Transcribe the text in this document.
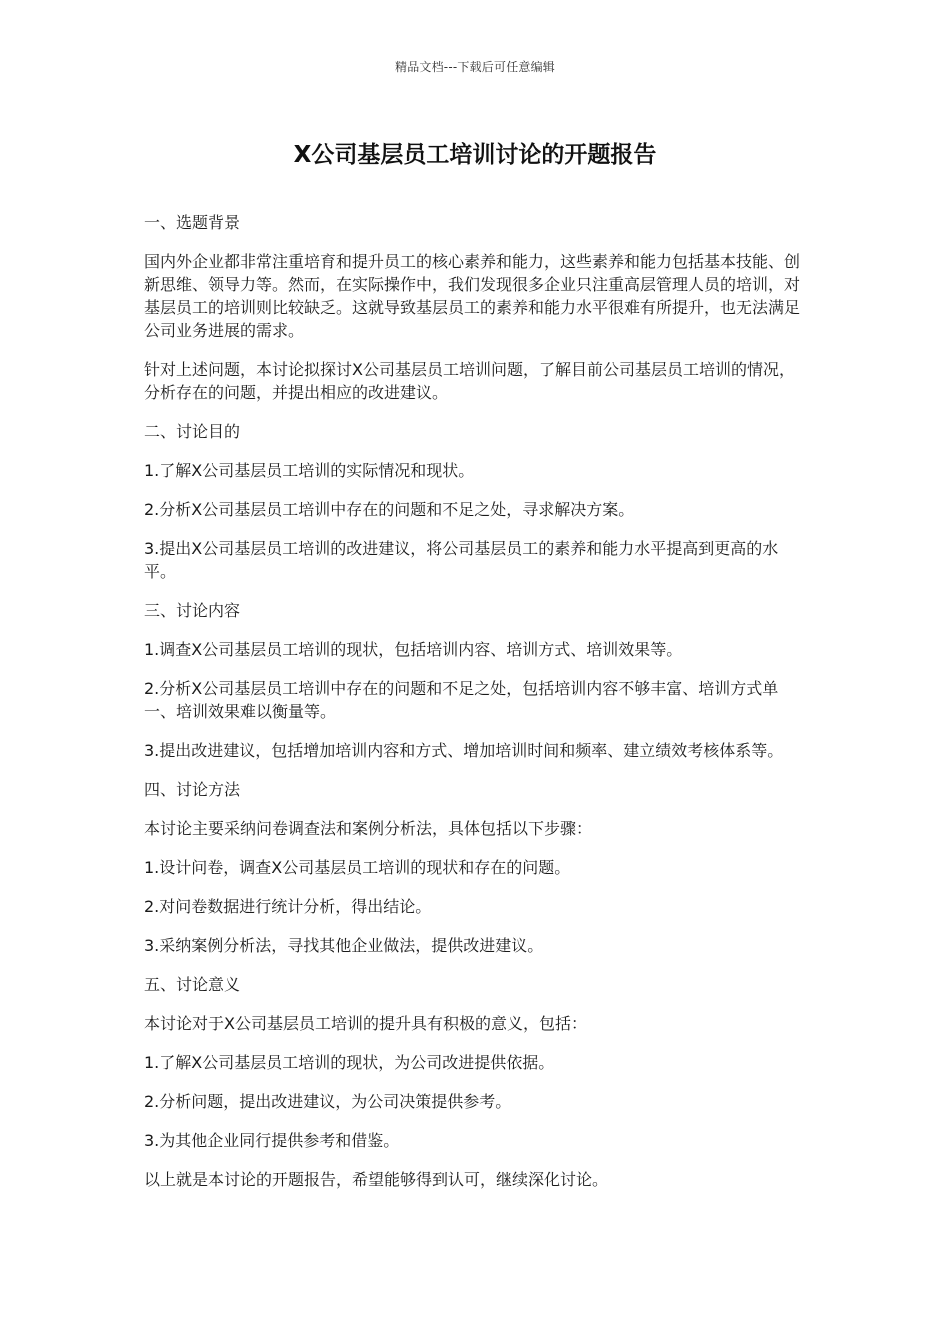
精品文档---下载后可任意编辑
X公司基层员工培训讨论的开题报告

一、选题背景

国内外企业都非常注重培育和提升员工的核心素养和能力，这些素养和能力包括基本技能、创新思维、领导力等。然而，在实际操作中，我们发现很多企业只注重高层管理人员的培训，对基层员工的培训则比较缺乏。这就导致基层员工的素养和能力水平很难有所提升，也无法满足公司业务进展的需求。

针对上述问题，本讨论拟探讨X公司基层员工培训问题，了解目前公司基层员工培训的情况，分析存在的问题，并提出相应的改进建议。

二、讨论目的

1.了解X公司基层员工培训的实际情况和现状。

2.分析X公司基层员工培训中存在的问题和不足之处，寻求解决方案。

3.提出X公司基层员工培训的改进建议，将公司基层员工的素养和能力水平提高到更高的水平。

三、讨论内容

1.调查X公司基层员工培训的现状，包括培训内容、培训方式、培训效果等。

2.分析X公司基层员工培训中存在的问题和不足之处，包括培训内容不够丰富、培训方式单一、培训效果难以衡量等。

3.提出改进建议，包括增加培训内容和方式、增加培训时间和频率、建立绩效考核体系等。

四、讨论方法

本讨论主要采纳问卷调查法和案例分析法，具体包括以下步骤：

1.设计问卷，调查X公司基层员工培训的现状和存在的问题。

2.对问卷数据进行统计分析，得出结论。

3.采纳案例分析法，寻找其他企业做法，提供改进建议。

五、讨论意义

本讨论对于X公司基层员工培训的提升具有积极的意义，包括：

1.了解X公司基层员工培训的现状，为公司改进提供依据。

2.分析问题，提出改进建议，为公司决策提供参考。

3.为其他企业同行提供参考和借鉴。

以上就是本讨论的开题报告，希望能够得到认可，继续深化讨论。
